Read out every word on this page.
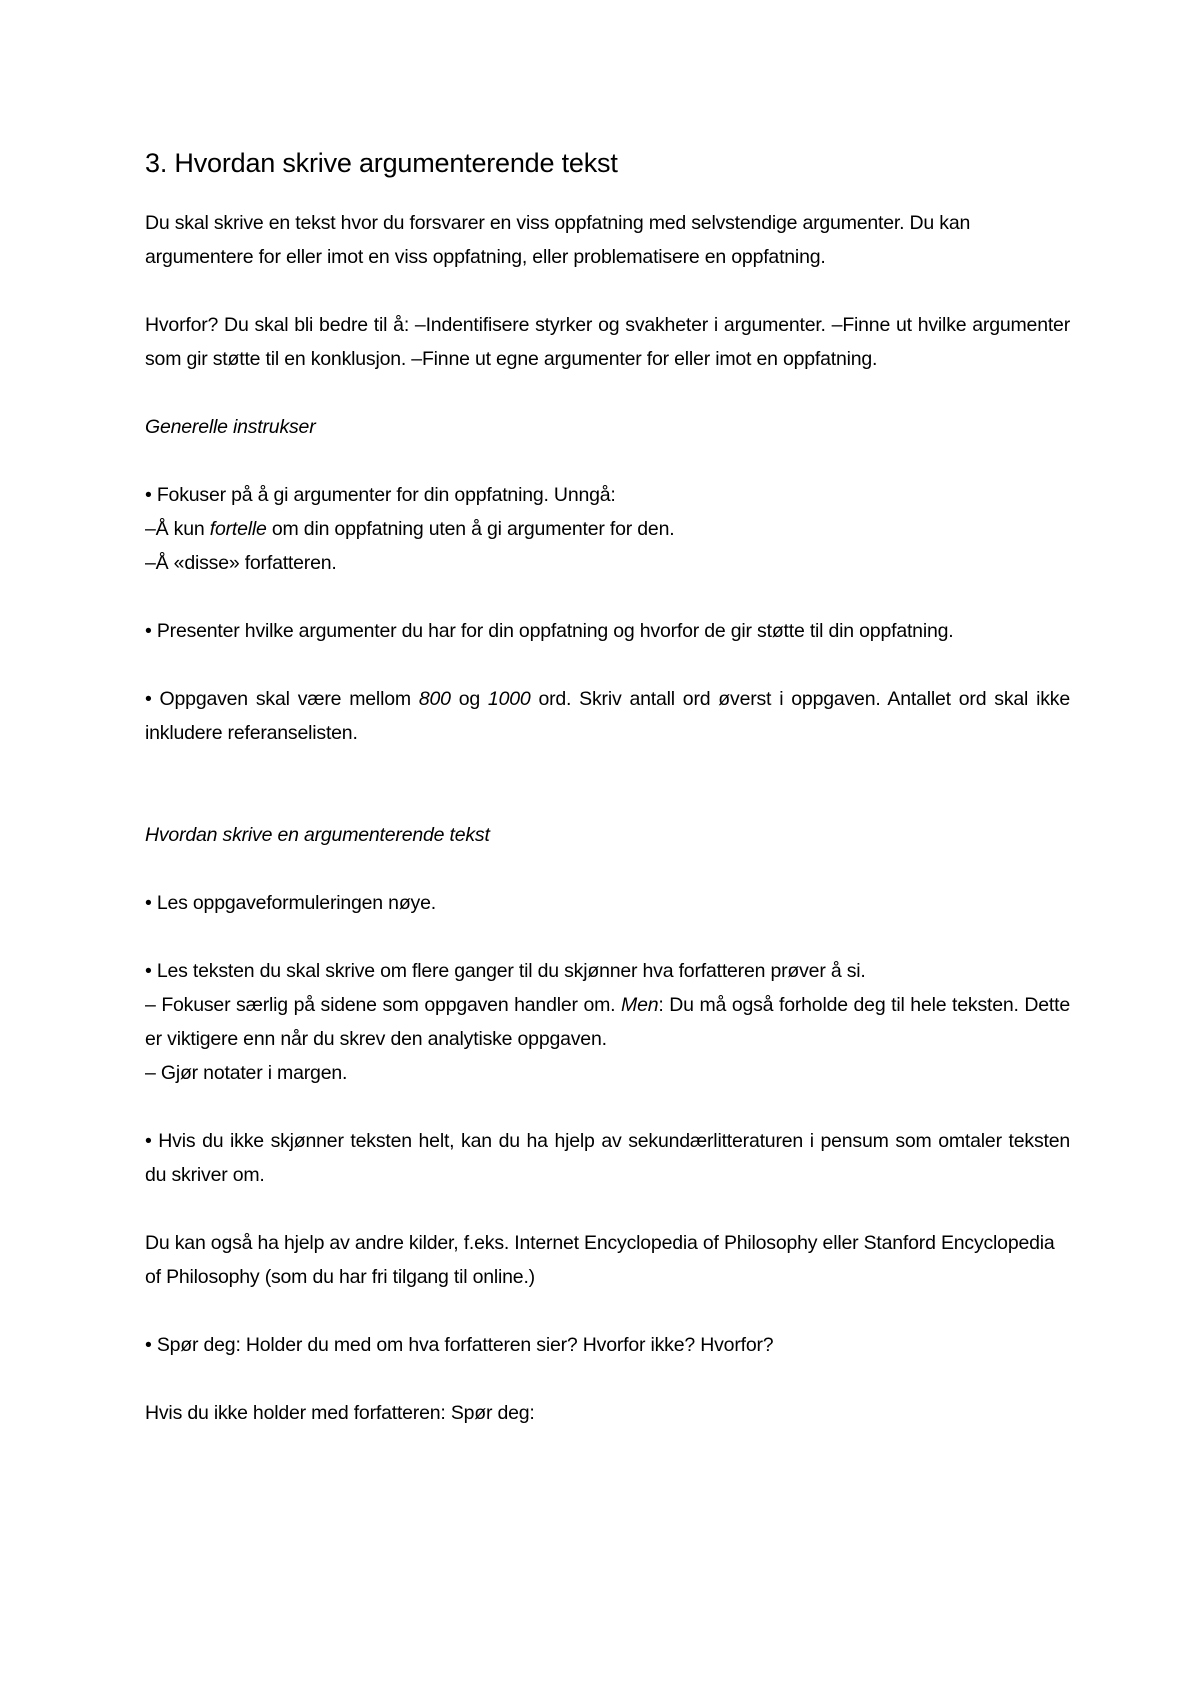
3. Hvordan skrive argumenterende tekst

Du skal skrive en tekst hvor du forsvarer en viss oppfatning med selvstendige argumenter. Du kan argumentere for eller imot en viss oppfatning, eller problematisere en oppfatning.

Hvorfor? Du skal bli bedre til å: –Indentifisere styrker og svakheter i argumenter. –Finne ut hvilke argumenter som gir støtte til en konklusjon. –Finne ut egne argumenter for eller imot en oppfatning.

Generelle instrukser

• Fokuser på å gi argumenter for din oppfatning. Unngå:

–Å kun fortelle om din oppfatning uten å gi argumenter for den.

–Å «disse» forfatteren.

• Presenter hvilke argumenter du har for din oppfatning og hvorfor de gir støtte til din oppfatning.

• Oppgaven skal være mellom 800 og 1000 ord. Skriv antall ord øverst i oppgaven. Antallet ord skal ikke inkludere referanselisten.

Hvordan skrive en argumenterende tekst

• Les oppgaveformuleringen nøye.

• Les teksten du skal skrive om flere ganger til du skjønner hva forfatteren prøver å si.

– Fokuser særlig på sidene som oppgaven handler om. Men: Du må også forholde deg til hele teksten. Dette er viktigere enn når du skrev den analytiske oppgaven.

– Gjør notater i margen.

• Hvis du ikke skjønner teksten helt, kan du ha hjelp av sekundærlitteraturen i pensum som omtaler teksten du skriver om.

Du kan også ha hjelp av andre kilder, f.eks. Internet Encyclopedia of Philosophy eller Stanford Encyclopedia of Philosophy (som du har fri tilgang til online.)

• Spør deg: Holder du med om hva forfatteren sier? Hvorfor ikke? Hvorfor?

Hvis du ikke holder med forfatteren: Spør deg:
